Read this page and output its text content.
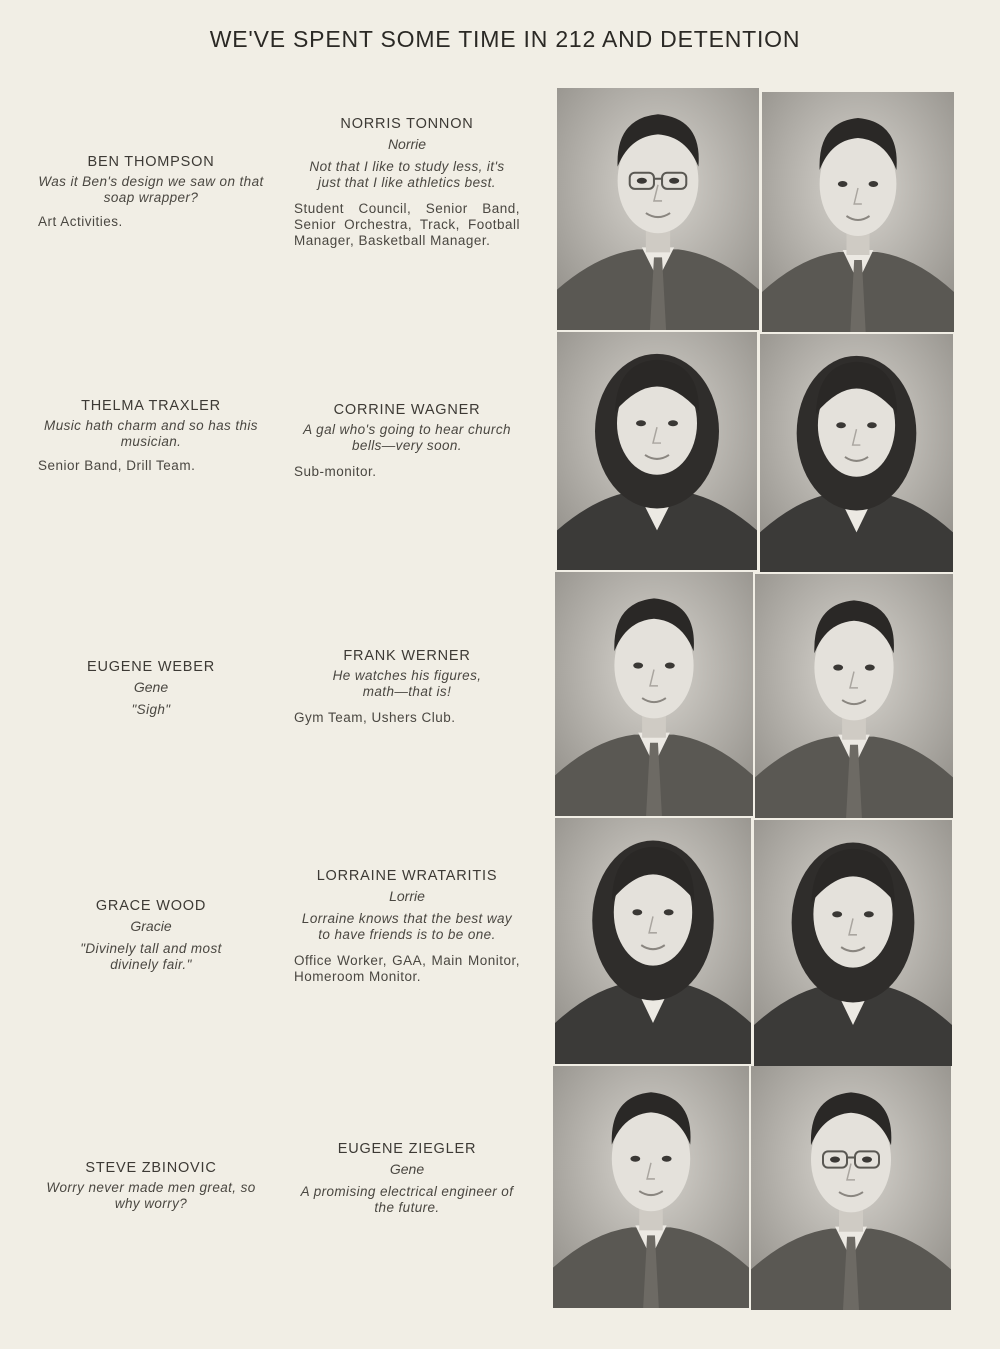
WE'VE SPENT SOME TIME IN 212 AND DETENTION
BEN THOMPSON
Was it Ben's design we saw on that soap wrapper?
Art Activities.
THELMA TRAXLER
Music hath charm and so has this musician.
Senior Band, Drill Team.
EUGENE WEBER
Gene
"Sigh"
GRACE WOOD
Gracie
"Divinely tall and most divinely fair."
STEVE ZBINOVIC
Worry never made men great, so why worry?
NORRIS TONNON
Norrie
Not that I like to study less, it's just that I like athletics best.
Student Council, Senior Band, Senior Orchestra, Track, Football Manager, Basketball Manager.
CORRINE WAGNER
A gal who's going to hear church bells—very soon.
Sub-monitor.
FRANK WERNER
He watches his figures, math—that is!
Gym Team, Ushers Club.
LORRAINE WRATARITIS
Lorrie
Lorraine knows that the best way to have friends is to be one.
Office Worker, GAA, Main Monitor, Homeroom Monitor.
EUGENE ZIEGLER
Gene
A promising electrical engineer of the future.
